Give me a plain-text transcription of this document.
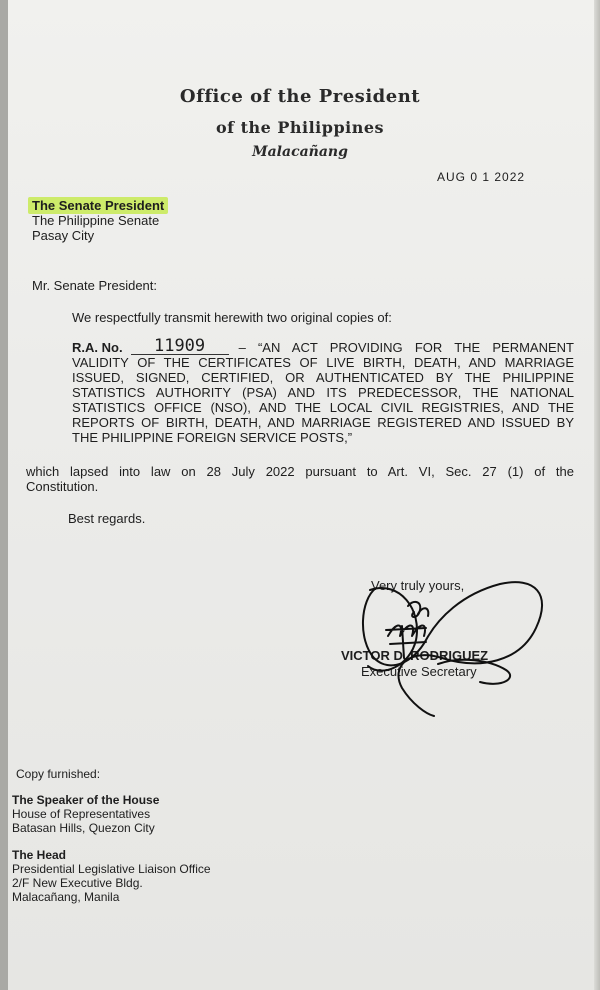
Office of the President
of the Philippines
Malacañang
AUG 0 1 2022
The Senate President
The Philippine Senate
Pasay City
Mr. Senate President:
We respectfully transmit herewith two original copies of:
R.A. No.	11909	– “AN ACT PROVIDING FOR THE PERMANENT
VALIDITY OF THE CERTIFICATES OF LIVE BIRTH, DEATH, AND MARRIAGE
ISSUED, SIGNED, CERTIFIED, OR AUTHENTICATED BY THE PHILIPPINE
STATISTICS AUTHORITY (PSA) AND ITS PREDECESSOR, THE NATIONAL
STATISTICS OFFICE (NSO), AND THE LOCAL CIVIL REGISTRIES, AND THE
REPORTS OF BIRTH, DEATH, AND MARRIAGE REGISTERED AND ISSUED BY
THE PHILIPPINE FOREIGN SERVICE POSTS,”
which lapsed into law on 28 July 2022 pursuant to Art. VI, Sec. 27 (1) of the
Constitution.
Best regards.
Very truly yours,
VICTOR D. RODRIGUEZ
Executive Secretary
Copy furnished:
The Speaker of the House
House of Representatives
Batasan Hills, Quezon City
The Head
Presidential Legislative Liaison Office
2/F New Executive Bldg.
Malacañang, Manila
